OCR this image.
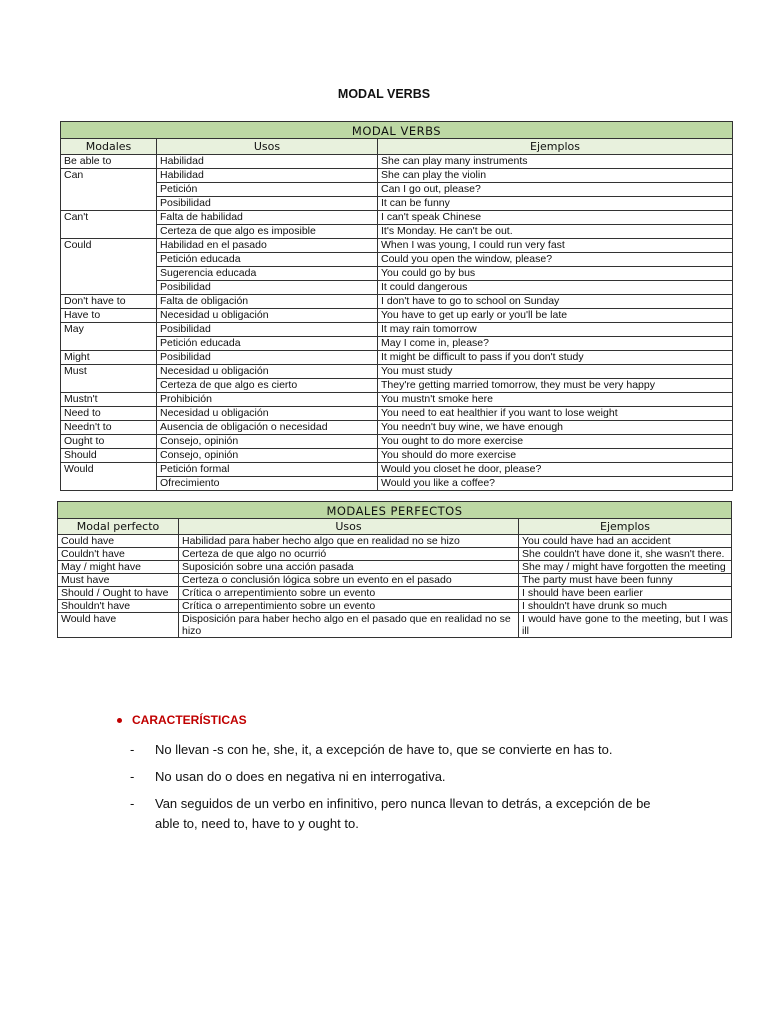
MODAL VERBS
MODAL VERBS		
Modales	Usos	Ejemplos
Be able to	Habilidad	She can play many instruments
Can	Habilidad	She can play the violin
	Petición	Can I go out, please?
	Posibilidad	It can be funny
Can't	Falta de habilidad	I can't speak Chinese
	Certeza de que algo es imposible	It's Monday. He can't be out.
Could	Habilidad en el pasado	When I was young, I could run very fast
	Petición educada	Could you open the window, please?
	Sugerencia educada	You could go by bus
	Posibilidad	It could dangerous
Don't have to	Falta de obligación	I don't have to go to school on Sunday
Have to	Necesidad u obligación	You have to get up early or you'll be late
May	Posibilidad	It may rain tomorrow
	Petición educada	May I come in, please?
Might	Posibilidad	It might be difficult to pass if you don't study
Must	Necesidad u obligación	You must study
	Certeza de que algo es cierto	They're getting married tomorrow, they must be very happy
Mustn't	Prohibición	You mustn't smoke here
Need to	Necesidad u obligación	You need to eat healthier if you want to lose weight
Needn't to	Ausencia de obligación o necesidad	You needn't buy wine, we have enough
Ought to	Consejo, opinión	You ought to do more exercise
Should	Consejo, opinión	You should do more exercise
Would	Petición formal	Would you closet he door, please?
	Ofrecimiento	Would you like a coffee?
MODALES PERFECTOS		
Modal perfecto	Usos	Ejemplos
Could have	Habilidad para haber hecho algo que en realidad no se hizo	You could have had an accident
Couldn't have	Certeza de que algo no ocurrió	She couldn't have done it, she wasn't there.
May / might have	Suposición sobre una acción pasada	She may / might have forgotten the meeting
Must have	Certeza o conclusión lógica sobre un evento en el pasado	The party must have been funny
Should / Ought to have	Crítica o arrepentimiento sobre un evento	I should have been earlier
Shouldn't have	Crítica o arrepentimiento sobre un evento	I shouldn't have drunk so much
Would have	Disposición para haber hecho algo en el pasado que en realidad no se hizo	I would have gone to the meeting, but I was ill
CARACTERÍSTICAS
- No llevan -s con he, she, it, a excepción de have to, que se convierte en has to.
- No usan do o does en negativa ni en interrogativa.
- Van seguidos de un verbo en infinitivo, pero nunca llevan to detrás, a excepción de be able to, need to, have to y ought to.
